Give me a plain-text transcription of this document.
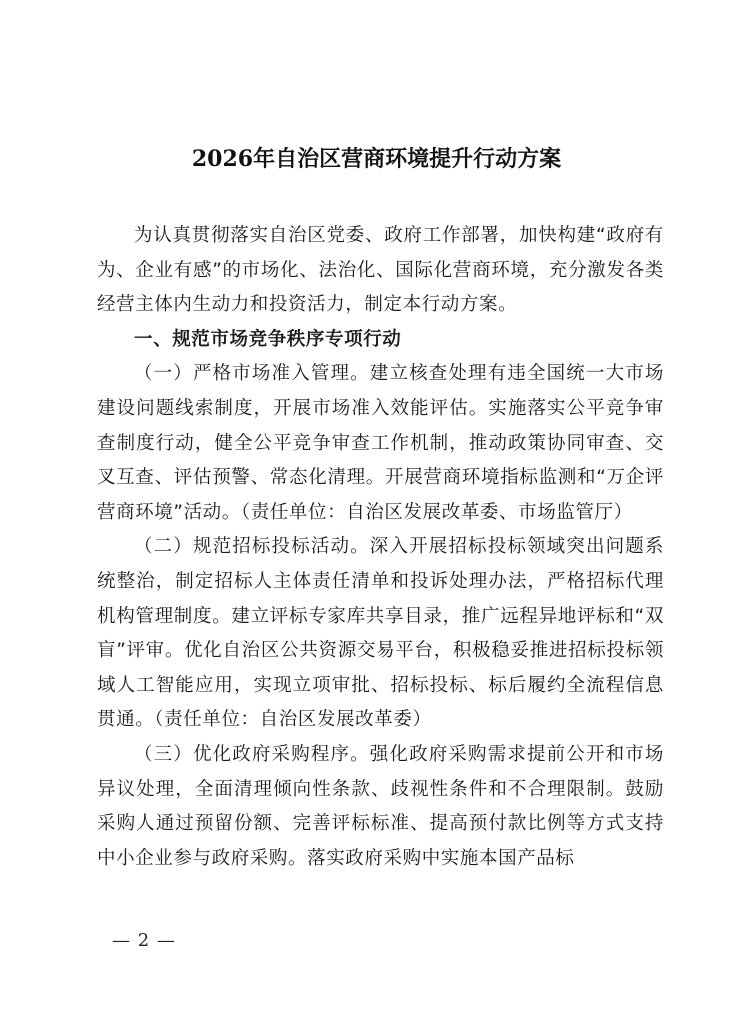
2026年自治区营商环境提升行动方案

为认真贯彻落实自治区党委、政府工作部署，加快构建“政府有为、企业有感”的市场化、法治化、国际化营商环境，充分激发各类经营主体内生动力和投资活力，制定本行动方案。

一、规范市场竞争秩序专项行动

（一）严格市场准入管理。建立核查处理有违全国统一大市场建设问题线索制度，开展市场准入效能评估。实施落实公平竞争审查制度行动，健全公平竞争审查工作机制，推动政策协同审查、交叉互查、评估预警、常态化清理。开展营商环境指标监测和“万企评营商环境”活动。（责任单位：自治区发展改革委、市场监管厅）

（二）规范招标投标活动。深入开展招标投标领域突出问题系统整治，制定招标人主体责任清单和投诉处理办法，严格招标代理机构管理制度。建立评标专家库共享目录，推广远程异地评标和“双盲”评审。优化自治区公共资源交易平台，积极稳妥推进招标投标领域人工智能应用，实现立项审批、招标投标、标后履约全流程信息贯通。（责任单位：自治区发展改革委）

（三）优化政府采购程序。强化政府采购需求提前公开和市场异议处理，全面清理倾向性条款、歧视性条件和不合理限制。鼓励采购人通过预留份额、完善评标标准、提高预付款比例等方式支持中小企业参与政府采购。落实政府采购中实施本国产品标

— 2 —
